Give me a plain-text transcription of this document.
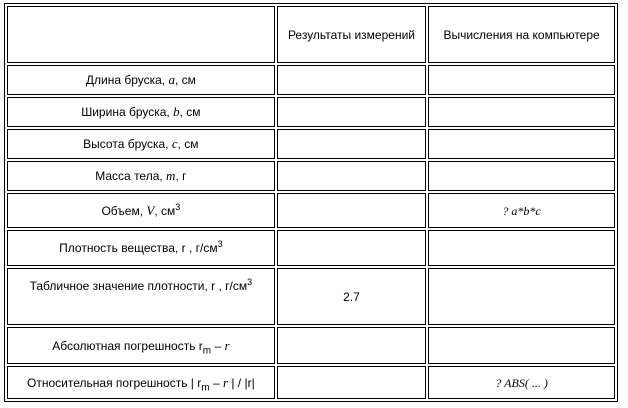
	Результаты измерений	Вычисления на компьютере
Длина бруска, a, см		
Ширина бруска, b, см		
Высота бруска, c, см		
Масса тела, m, г		
Объем, V, $см^3$		? a*b*c
Плотность вещества, r , $г/см^3$		
Табличное значение плотности, r , $г/см^3$	2.7	
Абсолютная погрешность $r_m$ – r		
Относительная погрешность | $r_m$ – r | / |r|		? ABS( ... )
